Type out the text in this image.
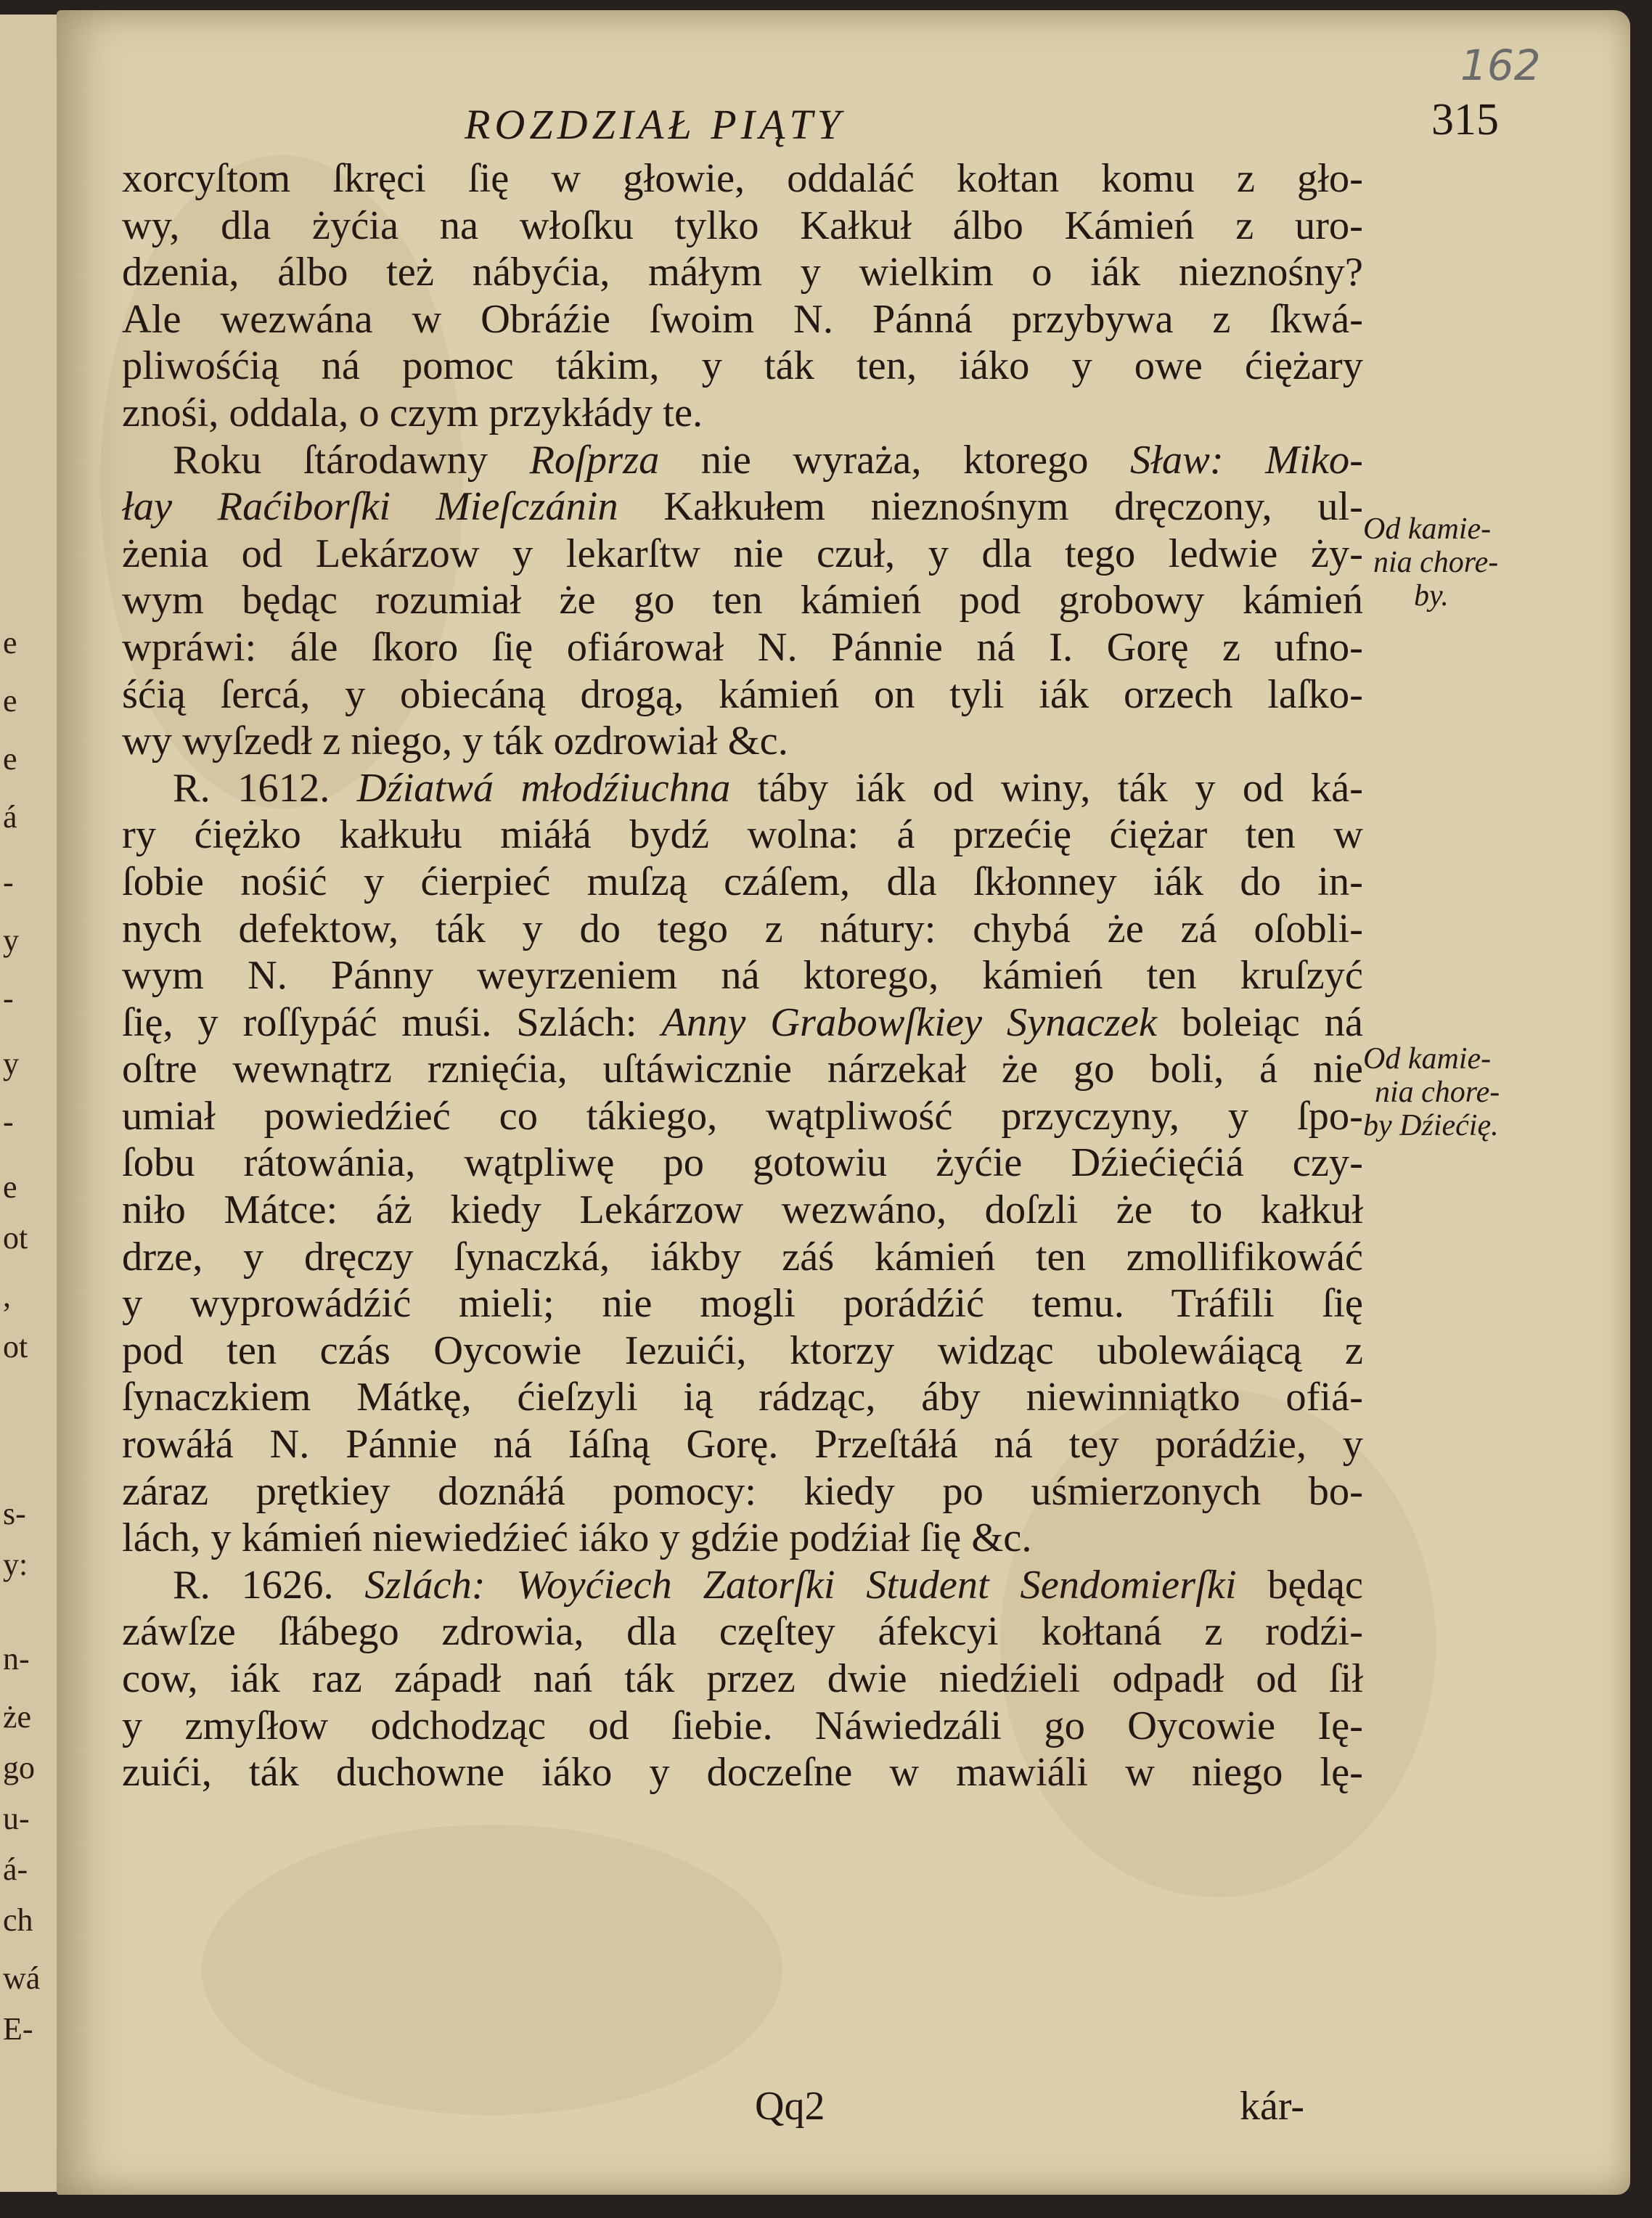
e
e
e
á
-
y
-
y
-
e
ot
,
ot
s-
y:
n-
że
go
u-
á-
ch
wá
E-
162
ROZDZIAŁ PIĄTY	315
xorcyſtom ſkręci ſię w głowie, oddaláć kołtan komu z gło-
wy, dla żyćia na włoſku tylko Kałkuł álbo Kámień z uro-
dzenia, álbo też nábyćia, máłym y wielkim o iák nieznośny?
Ale wezwána w Obráźie ſwoim N. Pánná przybywa z ſkwá-
pliwośćią ná pomoc tákim, y ták ten, iáko y owe ćiężary
znośi, oddala, o czym przykłády te.
Roku ſtárodawny Roſprza nie wyraża, ktorego Sław: Miko-
łay Raćiborſki Mieſczánin Kałkułem nieznośnym dręczony, ul-
żenia od Lekárzow y lekarſtw nie czuł, y dla tego ledwie ży-
wym będąc rozumiał że go ten kámień pod grobowy kámień
wpráwi: ále ſkoro ſię ofiárował N. Pánnie ná I. Gorę z ufno-
śćią ſercá, y obiecáną drogą, kámień on tyli iák orzech laſko-
wy wyſzedł z niego, y ták ozdrowiał &c.
R. 1612. Dźiatwá młodźiuchna táby iák od winy, ták y od ká-
ry ćiężko kałkułu miáłá bydź wolna: á przećię ćiężar ten w
ſobie nośić y ćierpieć muſzą czáſem, dla ſkłonney iák do in-
nych defektow, ták y do tego z nátury: chybá że zá oſobli-
wym N. Pánny weyrzeniem ná ktorego, kámień ten kruſzyć
ſię, y roſſypáć muśi. Szlách: Anny Grabowſkiey Synaczek boleiąc ná
oſtre wewnątrz rznięćia, uſtáwicznie nárzekał że go boli, á nie
umiał powiedźieć co tákiego, wątpliwość przyczyny, y ſpo-
ſobu rátowánia, wątpliwę po gotowiu żyćie Dźiećięćiá czy-
niło Mátce: áż kiedy Lekárzow wezwáno, doſzli że to kałkuł
drze, y dręczy ſynaczká, iákby záś kámień ten zmollifikowáć
y wyprowádźić mieli; nie mogli porádźić temu. Tráfili ſię
pod ten czás Oycowie Iezuići, ktorzy widząc ubolewáiącą z
ſynaczkiem Mátkę, ćieſzyli ią rádząc, áby niewinniątko ofiá-
rowáłá N. Pánnie ná Iáſną Gorę. Przeſtáłá ná tey porádźie, y
záraz prętkiey doznáłá pomocy: kiedy po uśmierzonych bo-
lách, y kámień niewiedźieć iáko y gdźie podźiał ſię &c.
R. 1626. Szlách: Woyćiech Zatorſki Student Sendomierſki będąc
záwſze ſłábego zdrowia, dla częſtey áfekcyi kołtaná z rodźi-
cow, iák raz západł nań ták przez dwie niedźieli odpadł od ſił
y zmyſłow odchodząc od ſiebie. Náwiedzáli go Oycowie Ię-
zuići, ták duchowne iáko y doczeſne w mawiáli w niego lę-
Od kamie-
nia chore-
by.
Od kamie-
nia chore-
by Dźiećię.
Qq2	kár-
